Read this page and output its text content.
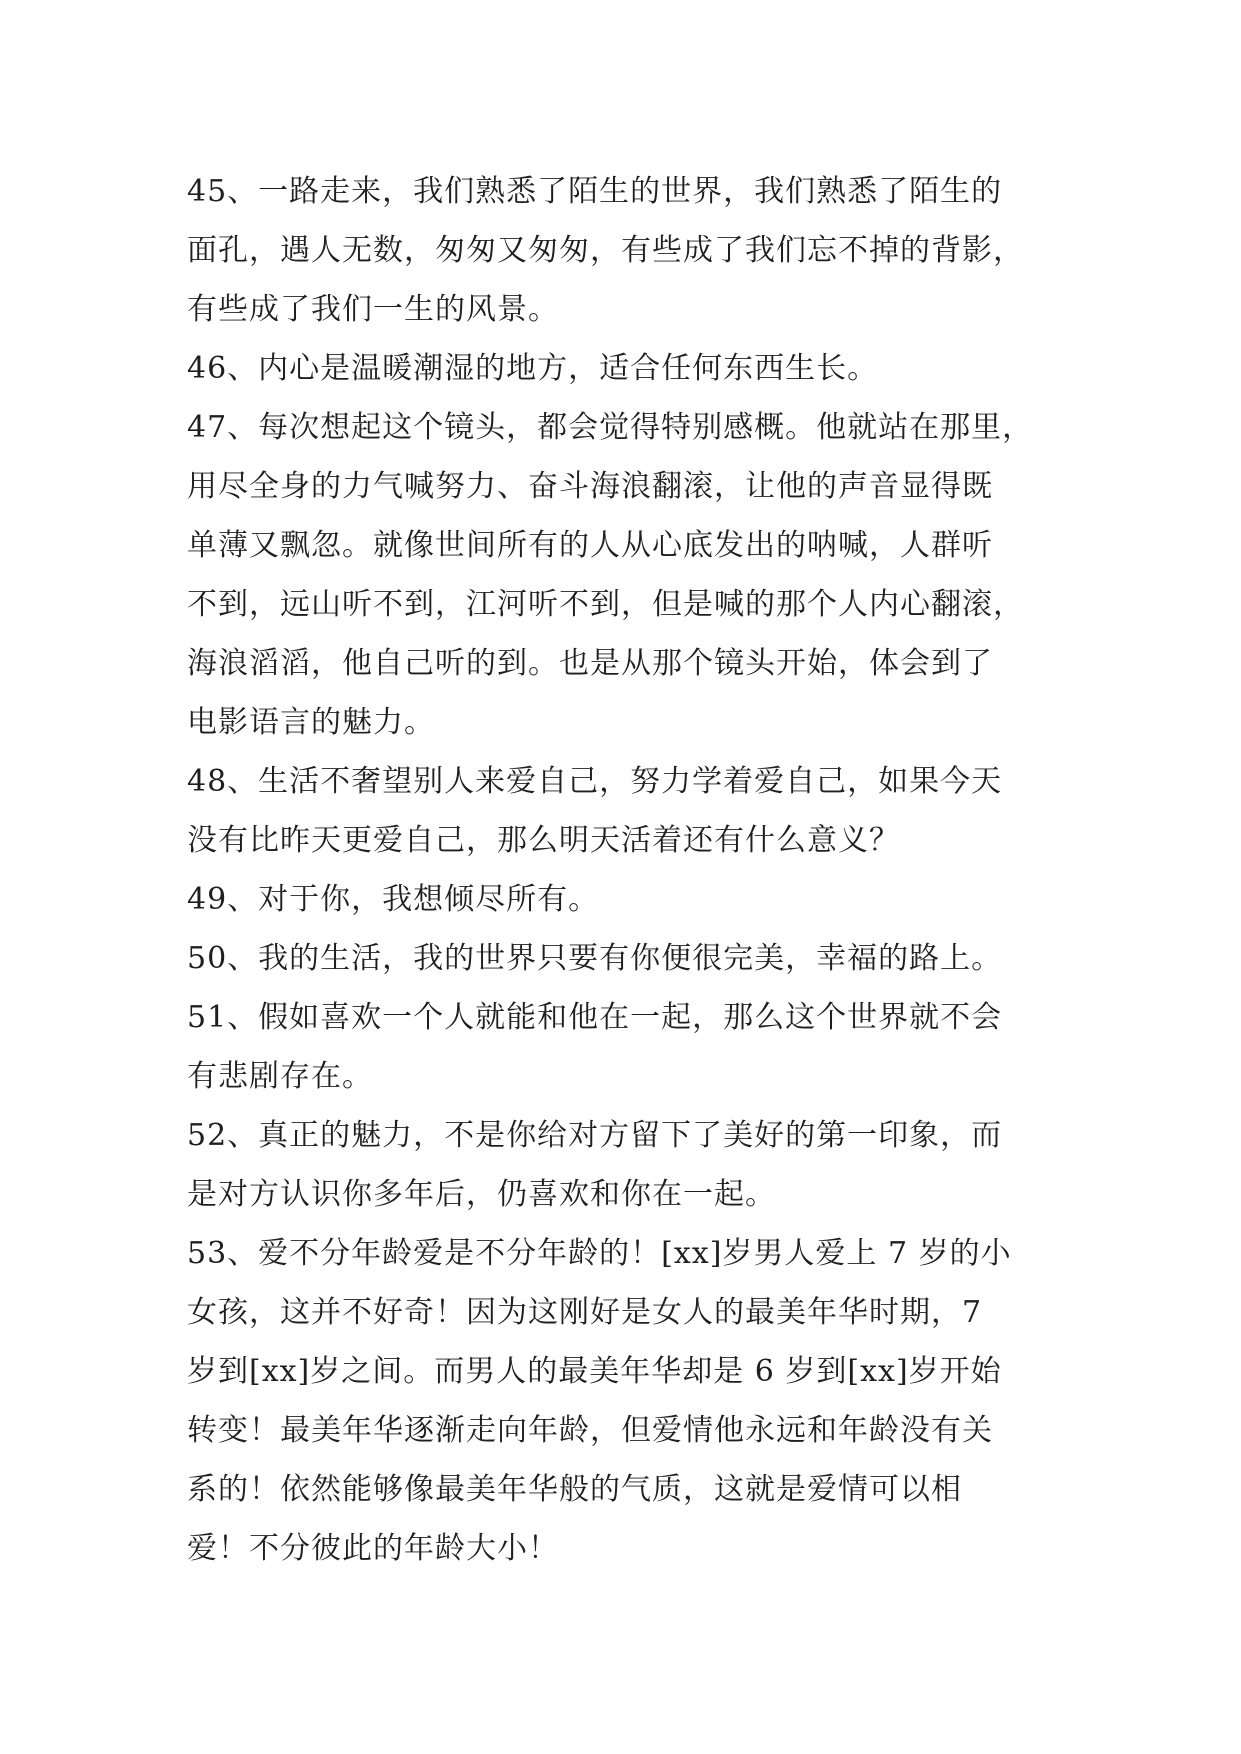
45、一路走来，我们熟悉了陌生的世界，我们熟悉了陌生的
面孔，遇人无数，匆匆又匆匆，有些成了我们忘不掉的背影，
有些成了我们一生的风景。
46、内心是温暖潮湿的地方，适合任何东西生长。
47、每次想起这个镜头，都会觉得特别感概。他就站在那里，
用尽全身的力气喊努力、奋斗海浪翻滚，让他的声音显得既
单薄又飘忽。就像世间所有的人从心底发出的呐喊，人群听
不到，远山听不到，江河听不到，但是喊的那个人内心翻滚，
海浪滔滔，他自己听的到。也是从那个镜头开始，体会到了
电影语言的魅力。
48、生活不奢望别人来爱自己，努力学着爱自己，如果今天
没有比昨天更爱自己，那么明天活着还有什么意义？
49、对于你，我想倾尽所有。
50、我的生活，我的世界只要有你便很完美，幸福的路上。
51、假如喜欢一个人就能和他在一起，那么这个世界就不会
有悲剧存在。
52、真正的魅力，不是你给对方留下了美好的第一印象，而
是对方认识你多年后，仍喜欢和你在一起。
53、爱不分年龄爱是不分年龄的！[xx]岁男人爱上 7 岁的小
女孩，这并不好奇！因为这刚好是女人的最美年华时期，7
岁到[xx]岁之间。而男人的最美年华却是 6 岁到[xx]岁开始
转变！最美年华逐渐走向年龄，但爱情他永远和年龄没有关
系的！依然能够像最美年华般的气质，这就是爱情可以相
爱！不分彼此的年龄大小！
